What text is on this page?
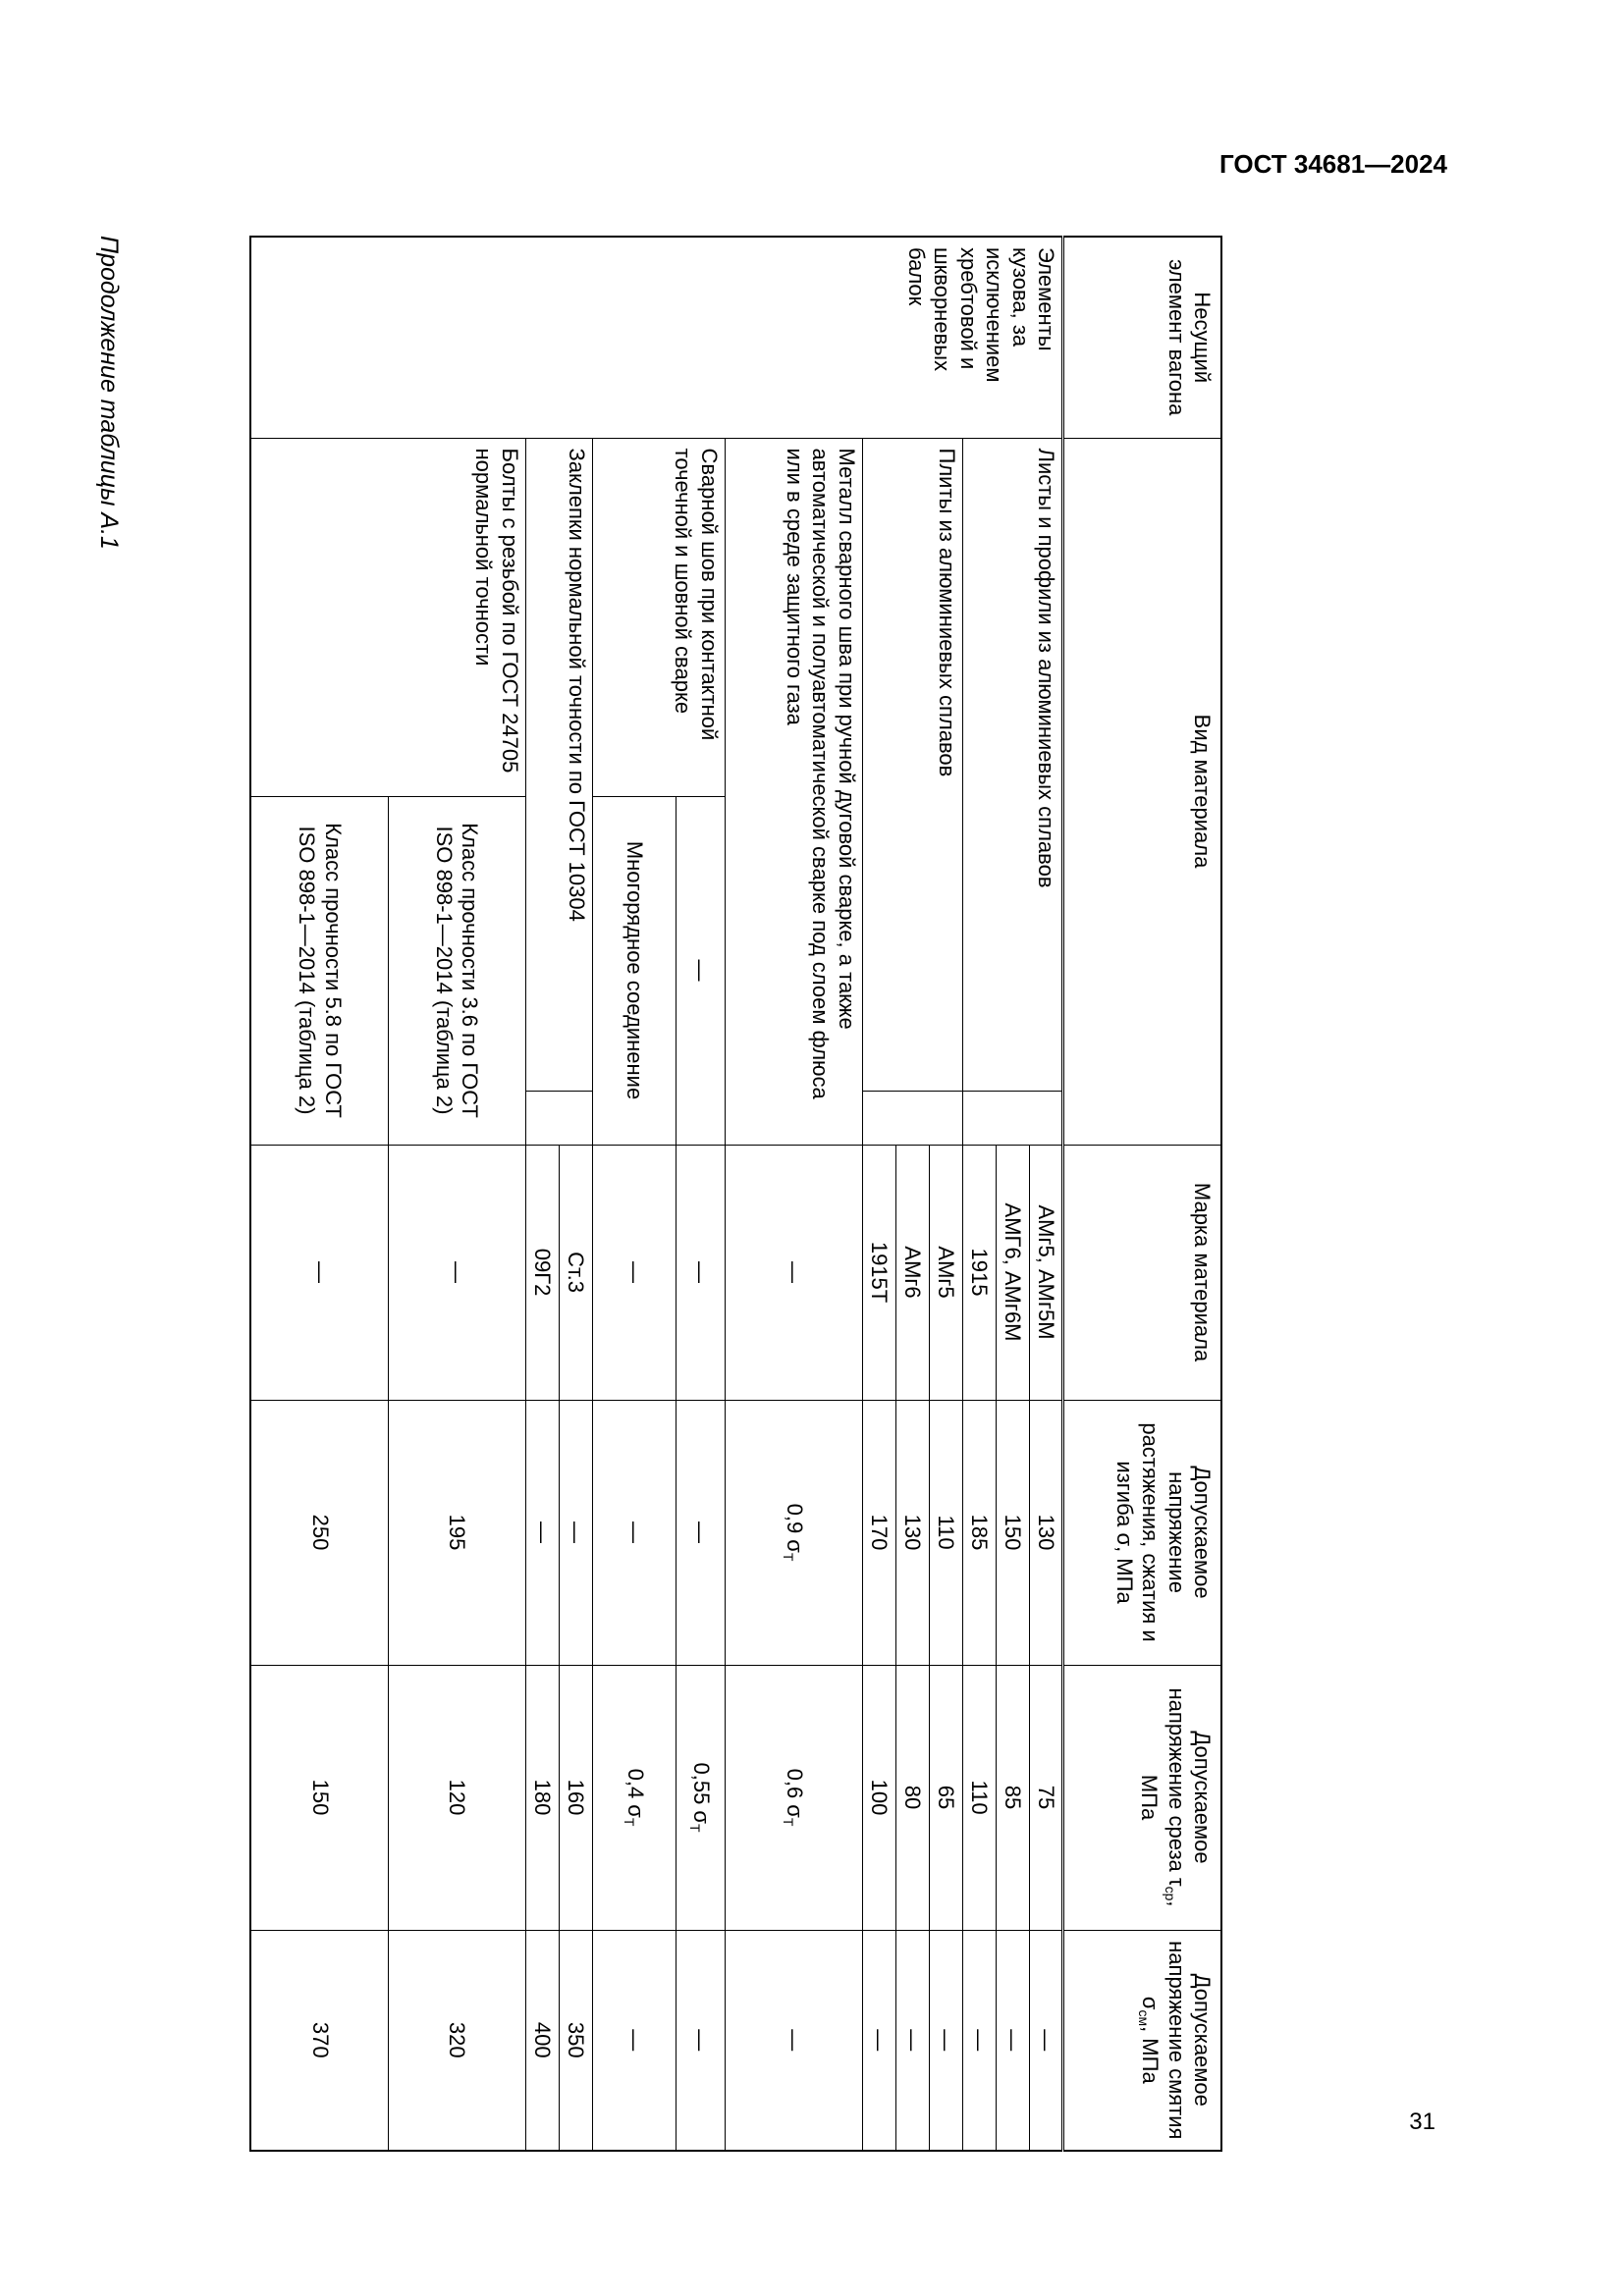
ГОСТ 34681—2024
Несущий элемент вагона	Вид материала			Марка материала	Допускаемое напряжение растяжения, сжатия и изгиба σ, МПа	Допускаемое напряжение среза $\tau_{ср}$, МПа	Допускаемое напряжение смятия $\sigma_{см}$, МПа
Элементы кузова, за исключением хребтовой и шкворневых балок	Листы и профили из алюминиевых сплавов			АМг5, АМг5М	130	75	—
				АМГ6, АМг6М	150	85	—
				1915	185	110	—
	Плиты из алюминиевых сплавов			АМг5	110	65	—
				АМг6	130	80	—
				1915Т	170	100	—
	Металл сварного шва при ручной дуговой сварке, а также автоматической и полуавтоматической сварке под слоем флюса или в среде защитного газа			—	0,9 $\sigma_Т$	0,6 $\sigma_Т$	—
	Сварной шов при контактной точечной и шовной сварке	—		—	—	0,55 $\sigma_Т$	—
		Многорядное соединение		—	—	0,4 $\sigma_Т$	—
	Заклепки нормальной точности по ГОСТ 10304			Ст.3	—	160	350
				09Г2	—	180	400
	Болты с резьбой по ГОСТ 24705 нормальной точности	Класс прочности 3.6 по ГОСТ ISO 898-1—2014 (таблица 2)		—	195	120	320
		Класс прочности 5.8 по ГОСТ ISO 898-1—2014 (таблица 2)		—	250	150	370
Продолжение таблицы А.1
31
